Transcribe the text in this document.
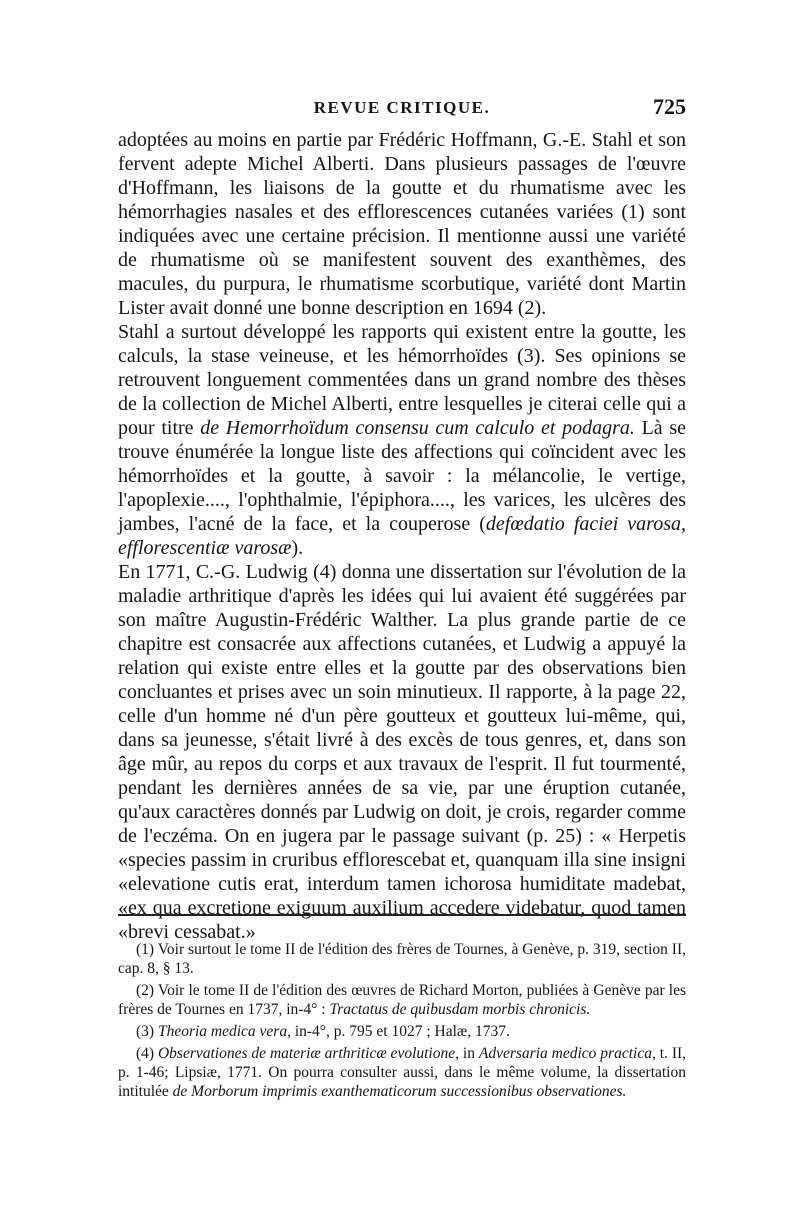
REVUE CRITIQUE.	725

adoptées au moins en partie par Frédéric Hoffmann, G.-E. Stahl et son fervent adepte Michel Alberti. Dans plusieurs passages de l'œuvre d'Hoffmann, les liaisons de la goutte et du rhumatisme avec les hémorrhagies nasales et des efflorescences cutanées variées (1) sont indiquées avec une certaine précision. Il mentionne aussi une variété de rhumatisme où se manifestent souvent des exanthèmes, des macules, du purpura, le rhumatisme scorbutique, variété dont Martin Lister avait donné une bonne description en 1694 (2).

Stahl a surtout développé les rapports qui existent entre la goutte, les calculs, la stase veineuse, et les hémorrhoïdes (3). Ses opinions se retrouvent longuement commentées dans un grand nombre des thèses de la collection de Michel Alberti, entre lesquelles je citerai celle qui a pour titre de Hemorrhoïdum consensu cum calculo et podagra. Là se trouve énumérée la longue liste des affections qui coïncident avec les hémorrhoïdes et la goutte, à savoir : la mélancolie, le vertige, l'apoplexie...., l'ophthalmie, l'épiphora...., les varices, les ulcères des jambes, l'acné de la face, et la couperose (defœdatio faciei varosa, efflorescentiæ varosæ).

En 1771, C.-G. Ludwig (4) donna une dissertation sur l'évolution de la maladie arthritique d'après les idées qui lui avaient été suggérées par son maître Augustin-Frédéric Walther. La plus grande partie de ce chapitre est consacrée aux affections cutanées, et Ludwig a appuyé la relation qui existe entre elles et la goutte par des observations bien concluantes et prises avec un soin minutieux. Il rapporte, à la page 22, celle d'un homme né d'un père goutteux et goutteux lui-même, qui, dans sa jeunesse, s'était livré à des excès de tous genres, et, dans son âge mûr, au repos du corps et aux travaux de l'esprit. Il fut tourmenté, pendant les dernières années de sa vie, par une éruption cutanée, qu'aux caractères donnés par Ludwig on doit, je crois, regarder comme de l'eczéma. On en jugera par le passage suivant (p. 25) : « Herpetis «species passim in cruribus efflorescebat et, quanquam illa sine insigni «elevatione cutis erat, interdum tamen ichorosa humiditate madebat, «ex qua excretione exiguum auxilium accedere videbatur, quod tamen «brevi cessabat.»

(1) Voir surtout le tome II de l'édition des frères de Tournes, à Genève, p. 319, section II, cap. 8, § 13.

(2) Voir le tome II de l'édition des œuvres de Richard Morton, publiées à Genève par les frères de Tournes en 1737, in-4° : Tractatus de quibusdam morbis chronicis.

(3) Theoria medica vera, in-4°, p. 795 et 1027 ; Halæ, 1737.

(4) Observationes de materiæ arthriticæ evolutione, in Adversaria medico practica, t. II, p. 1-46; Lipsiæ, 1771. On pourra consulter aussi, dans le même volume, la dissertation intitulée de Morborum imprimis exanthematicorum successionibus observationes.
